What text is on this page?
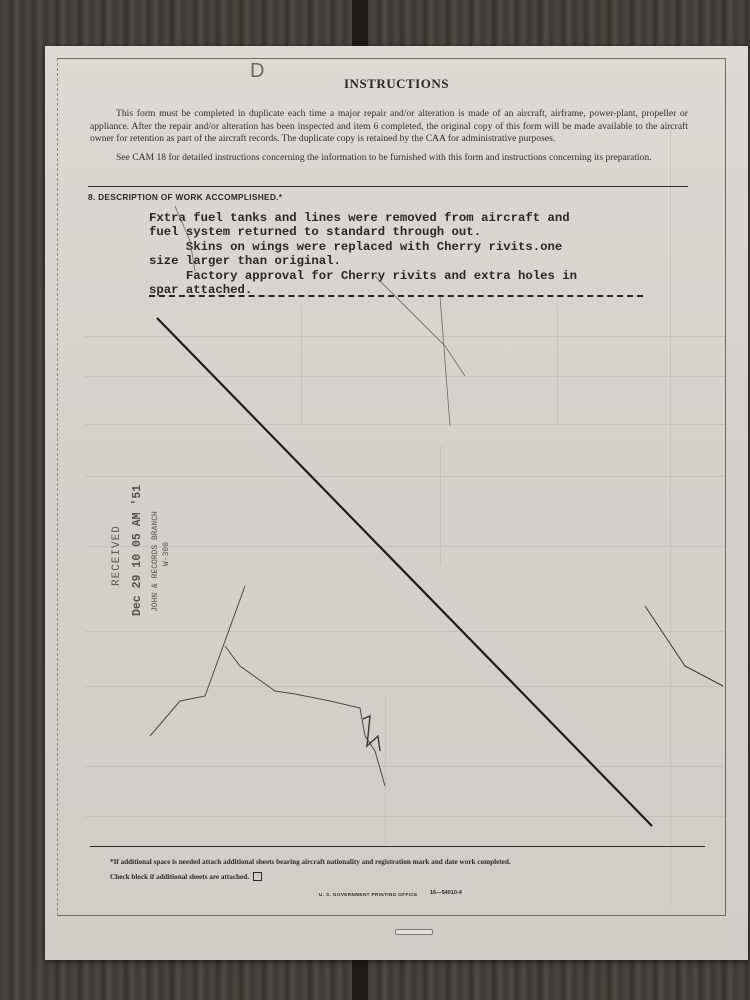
D
INSTRUCTIONS

This form must be completed in duplicate each time a major repair and/or alteration is made of an aircraft, airframe, power-plant, propeller or appliance. After the repair and/or alteration has been inspected and item 6 completed, the original copy of this form will be made available to the aircraft owner for retention as part of the aircraft records. The duplicate copy is retained by the CAA for administrative purposes.

See CAM 18 for detailed instructions concerning the information to be furnished with this form and instructions concerning its preparation.

8. DESCRIPTION OF WORK ACCOMPLISHED.*
Fxtra fuel tanks and lines were removed from aircraft and
fuel system returned to standard through out.
Skins on wings were replaced with Cherry rivits.one
size larger than original.
Factory approval for Cherry rivits and extra holes in
spar attached.
RECEIVED Dec 29 10 05 AM '51 JOHN & RECORDS BRANCH W-300
*If additional space is needed attach additional sheets bearing aircraft nationality and registration mark and date work completed.
Check block if additional sheets are attached.
U. S. GOVERNMENT PRINTING OFFICE 16—54010-4
